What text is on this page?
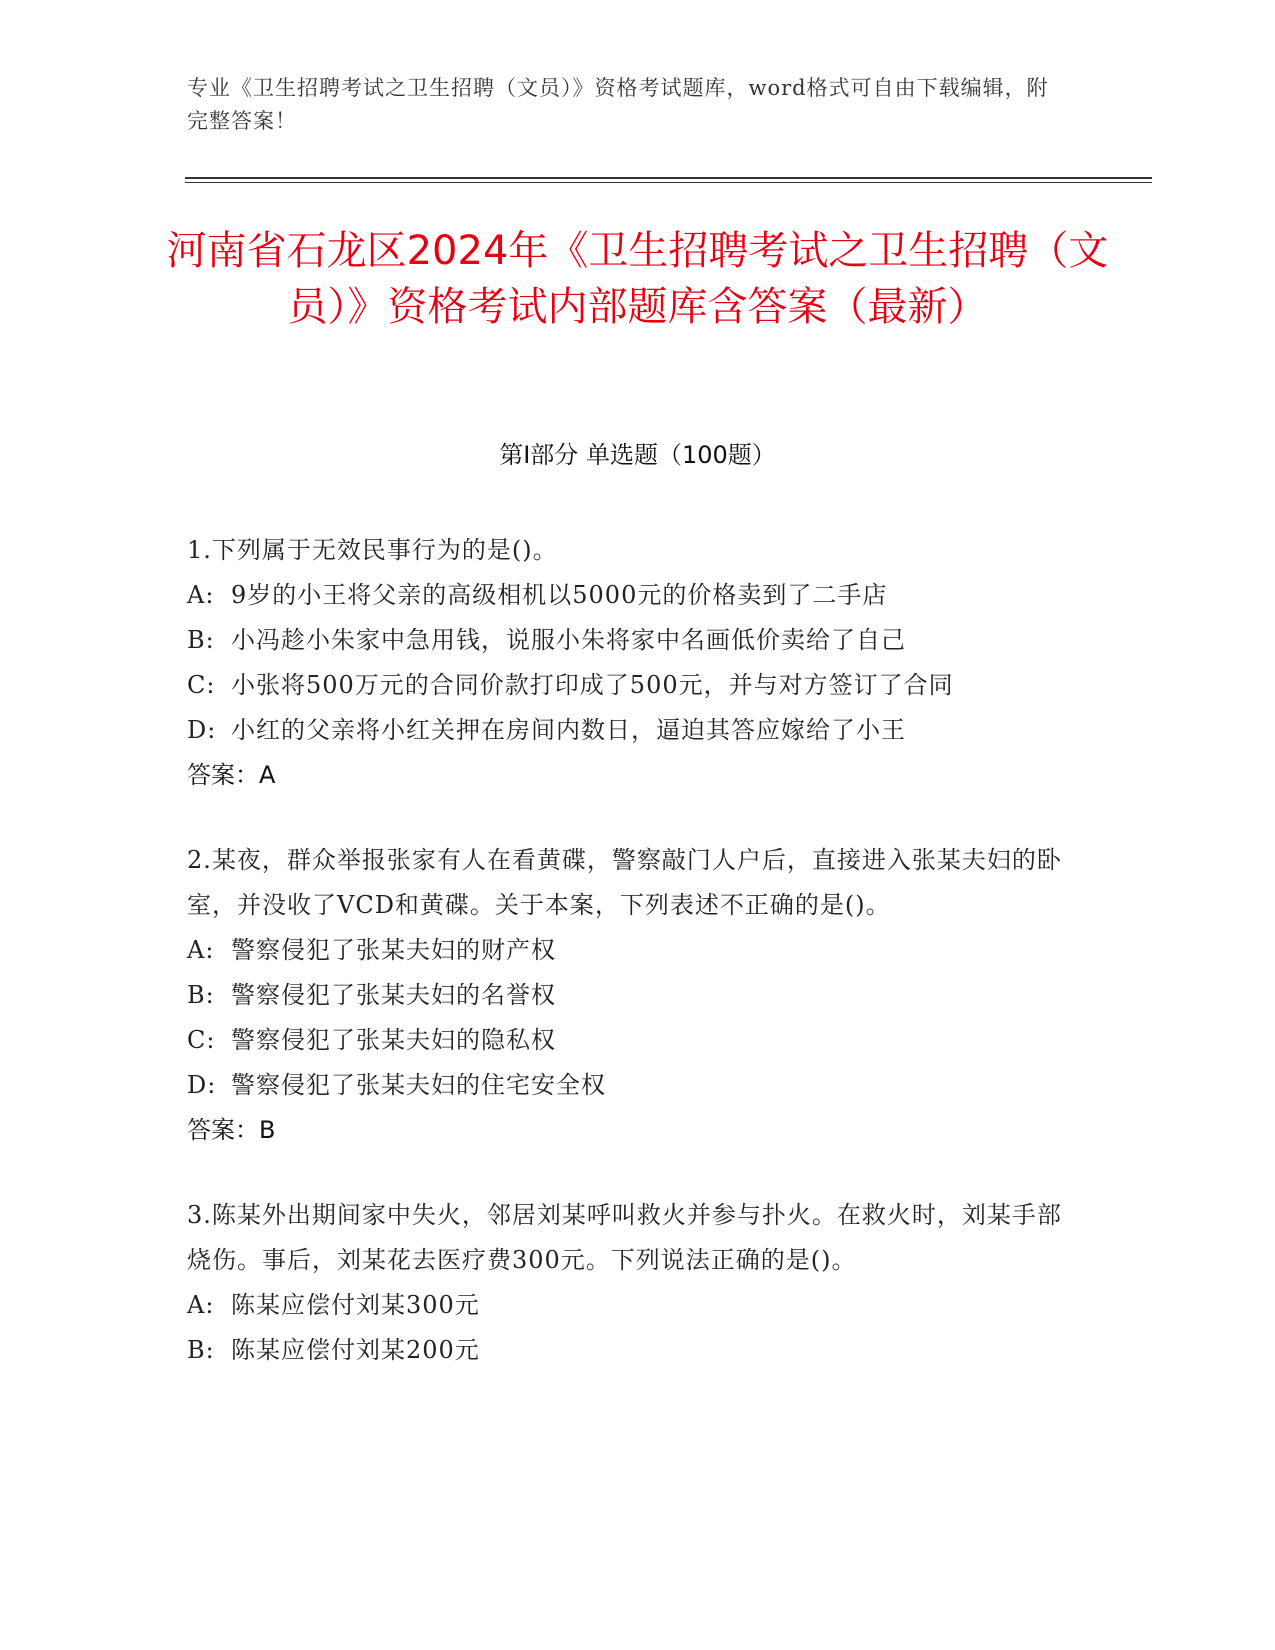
专业《卫生招聘考试之卫生招聘（文员）》资格考试题库，word格式可自由下载编辑，附完整答案！
河南省石龙区2024年《卫生招聘考试之卫生招聘（文员）》资格考试内部题库含答案（最新）
第Ⅰ部分 单选题（100题）
1.下列属于无效民事行为的是()。
A: 9岁的小王将父亲的高级相机以5000元的价格卖到了二手店
B: 小冯趁小朱家中急用钱，说服小朱将家中名画低价卖给了自己
C: 小张将500万元的合同价款打印成了500元，并与对方签订了合同
D: 小红的父亲将小红关押在房间内数日，逼迫其答应嫁给了小王
答案：A
2.某夜，群众举报张家有人在看黄碟，警察敲门人户后，直接进入张某夫妇的卧室，并没收了VCD和黄碟。关于本案，下列表述不正确的是()。
A: 警察侵犯了张某夫妇的财产权
B: 警察侵犯了张某夫妇的名誉权
C: 警察侵犯了张某夫妇的隐私权
D: 警察侵犯了张某夫妇的住宅安全权
答案：B
3.陈某外出期间家中失火，邻居刘某呼叫救火并参与扑火。在救火时，刘某手部烧伤。事后，刘某花去医疗费300元。下列说法正确的是()。
A: 陈某应偿付刘某300元
B: 陈某应偿付刘某200元
